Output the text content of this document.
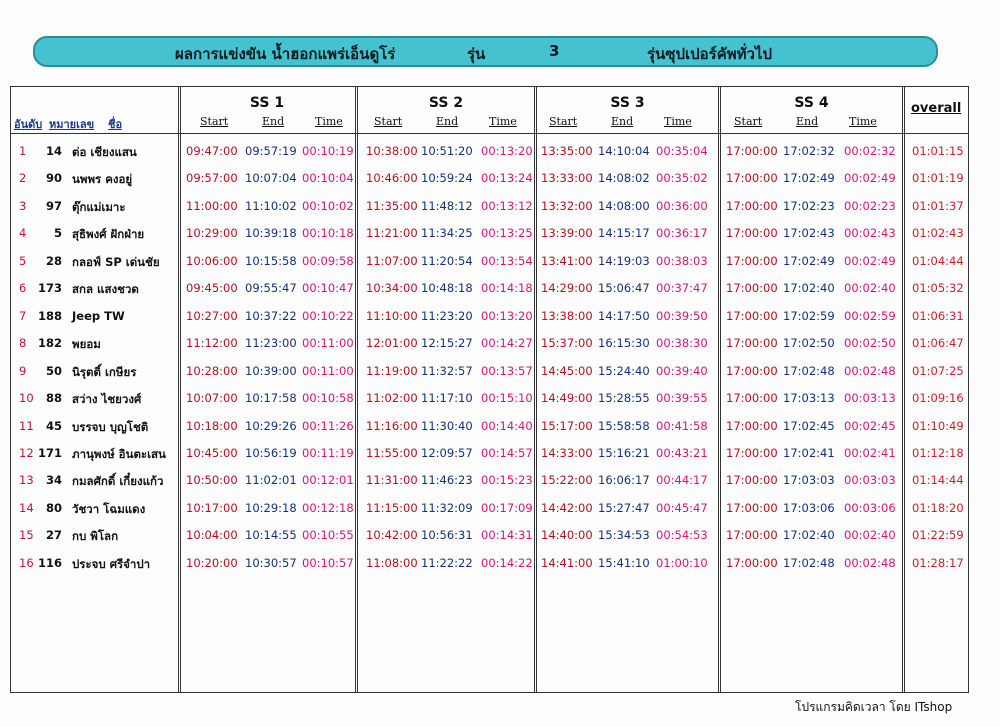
ผลการแข่งขัน น้ำฮอกแพร่เอ็นดูโร่	รุ่น	3	รุ่นซุปเปอร์คัพทั่วไป
อันดับ หมายเลข ชื่อ
SS 1	SS 2	SS 3	SS 4
Start	End	Time	Start	End	Time	Start	End	Time	Start	End	Time
overall
1	14 ต่อ เชียงแสน	09:47:00 09:57:19 00:10:19 10:38:00 10:51:20 00:13:20 13:35:00 14:10:04 00:35:04 17:00:00 17:02:32 00:02:32 01:01:15
2	90 นพพร คงอยู่	09:57:00 10:07:04 00:10:04 10:46:00 10:59:24 00:13:24 13:33:00 14:08:02 00:35:02 17:00:00 17:02:49 00:02:49 01:01:19
3	97 ตุ๊กแม่เมาะ	11:00:00 11:10:02 00:10:02 11:35:00 11:48:12 00:13:12 13:32:00 14:08:00 00:36:00 17:00:00 17:02:23 00:02:23 01:01:37
4	5 สุธิพงศ์ ฝักฝ่าย	10:29:00 10:39:18 00:10:18 11:21:00 11:34:25 00:13:25 13:39:00 14:15:17 00:36:17 17:00:00 17:02:43 00:02:43 01:02:43
5	28 กลอฟ์ SP เด่นชัย 10:06:00 10:15:58 00:09:58 11:07:00 11:20:54 00:13:54 13:41:00 14:19:03 00:38:03 17:00:00 17:02:49 00:02:49 01:04:44
6	173 สกล แสงชวด	09:45:00 09:55:47 00:10:47 10:34:00 10:48:18 00:14:18 14:29:00 15:06:47 00:37:47 17:00:00 17:02:40 00:02:40 01:05:32
7	188 Jeep TW	10:27:00 10:37:22 00:10:22 11:10:00 11:23:20 00:13:20 13:38:00 14:17:50 00:39:50 17:00:00 17:02:59 00:02:59 01:06:31
8	182 พยอม	11:12:00 11:23:00 00:11:00 12:01:00 12:15:27 00:14:27 15:37:00 16:15:30 00:38:30 17:00:00 17:02:50 00:02:50 01:06:47
9	50 นิรุตติ์ เกษียร	10:28:00 10:39:00 00:11:00 11:19:00 11:32:57 00:13:57 14:45:00 15:24:40 00:39:40 17:00:00 17:02:48 00:02:48 01:07:25
10	88 สว่าง ไชยวงศ์	10:07:00 10:17:58 00:10:58 11:02:00 11:17:10 00:15:10 14:49:00 15:28:55 00:39:55 17:00:00 17:03:13 00:03:13 01:09:16
11	45 บรรจบ บุญโชติ	10:18:00 10:29:26 00:11:26 11:16:00 11:30:40 00:14:40 15:17:00 15:58:58 00:41:58 17:00:00 17:02:45 00:02:45 01:10:49
12 171 ภานุพงษ์ อินตะเสน 10:45:00 10:56:19 00:11:19 11:55:00 12:09:57 00:14:57 14:33:00 15:16:21 00:43:21 17:00:00 17:02:41 00:02:41 01:12:18
13	34 กมลศักดิ์ เกี๋ยงแก้ว 10:50:00 11:02:01 00:12:01 11:31:00 11:46:23 00:15:23 15:22:00 16:06:17 00:44:17 17:00:00 17:03:03 00:03:03 01:14:44
14	80 วัชวา โฉมแดง	10:17:00 10:29:18 00:12:18 11:15:00 11:32:09 00:17:09 14:42:00 15:27:47 00:45:47 17:00:00 17:03:06 00:03:06 01:18:20
15	27 กบ พิโลก	10:04:00 10:14:55 00:10:55 10:42:00 10:56:31 00:14:31 14:40:00 15:34:53 00:54:53 17:00:00 17:02:40 00:02:40 01:22:59
16 116 ประจบ ศรีจำปา	10:20:00 10:30:57 00:10:57 11:08:00 11:22:22 00:14:22 14:41:00 15:41:10 01:00:10 17:00:00 17:02:48 00:02:48 01:28:17
โปรแกรมคิดเวลา โดย ITshop
